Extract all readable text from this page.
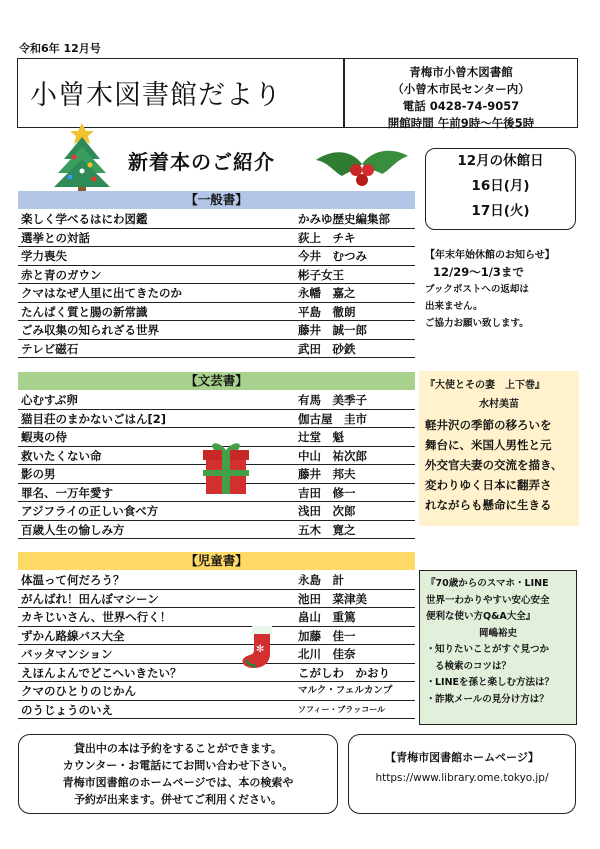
令和6年 12月号
小曾木図書館だより
青梅市小曾木図書館
（小曾木市民センター内）
電話 0428-74-9057
開館時間 午前9時～午後5時
新着本のご紹介	12月の休館日
16日(月)
17日(火)
【一般書】
楽しく学べるはにわ図鑑	かみゆ歴史編集部
選挙との対話	荻上　チキ
学力喪失	今井　むつみ
赤と青のガウン	彬子女王
クマはなぜ人里に出てきたのか	永幡　嘉之
たんぱく質と腸の新常識	平島　徹朗
ごみ収集の知られざる世界	藤井　誠一郎
テレビ磁石	武田　砂鉄
【年末年始休館のお知らせ】
12/29～1/3まで
ブックポストへの返却は
出来ません。
ご協力お願い致します。
【文芸書】
心むすぶ卵	有馬　美季子
猫目荘のまかないごはん[2]	伽古屋　圭市
蝦夷の侍	辻堂　魁
救いたくない命	中山　祐次郎
影の男	藤井　邦夫
罪名、一万年愛す	吉田　修一
アジフライの正しい食べ方	浅田　次郎
百歳人生の愉しみ方	五木　寛之
『大使とその妻　上下巻』
水村美苗
軽井沢の季節の移ろいを
舞台に、米国人男性と元
外交官夫妻の交流を描き、
変わりゆく日本に翻弄さ
れながらも懸命に生きる
【児童書】
体温って何だろう？	永島　計
がんばれ！田んぼマシーン	池田　菜津美
カキじいさん、世界へ行く！	畠山　重篤
ずかん路線バス大全	加藤　佳一
バッタマンション	北川　佳奈
えほんよんでどこへいきたい？	こがしわ　かおり
クマのひとりのじかん	マルク・フェルカンプ
のうじょうのいえ	ソフィー・ブラッコール
✻
『70歳からのスマホ・LINE
世界一わかりやすい安心安全
便利な使い方Q&A大全』
岡嶋裕史
・ 知りたいことがすぐ見つか
る検索のコツは？
・ LINEを孫と楽しむ方法は？
・ 詐欺メールの見分け方は？
貸出中の本は予約をすることができます。
カウンター・お電話にてお問い合わせ下さい。
青梅市図書館のホームページでは、本の検索や
予約が出来ます。併せてご利用ください。
【青梅市図書館ホームページ】
https://www.library.ome.tokyo.jp/
